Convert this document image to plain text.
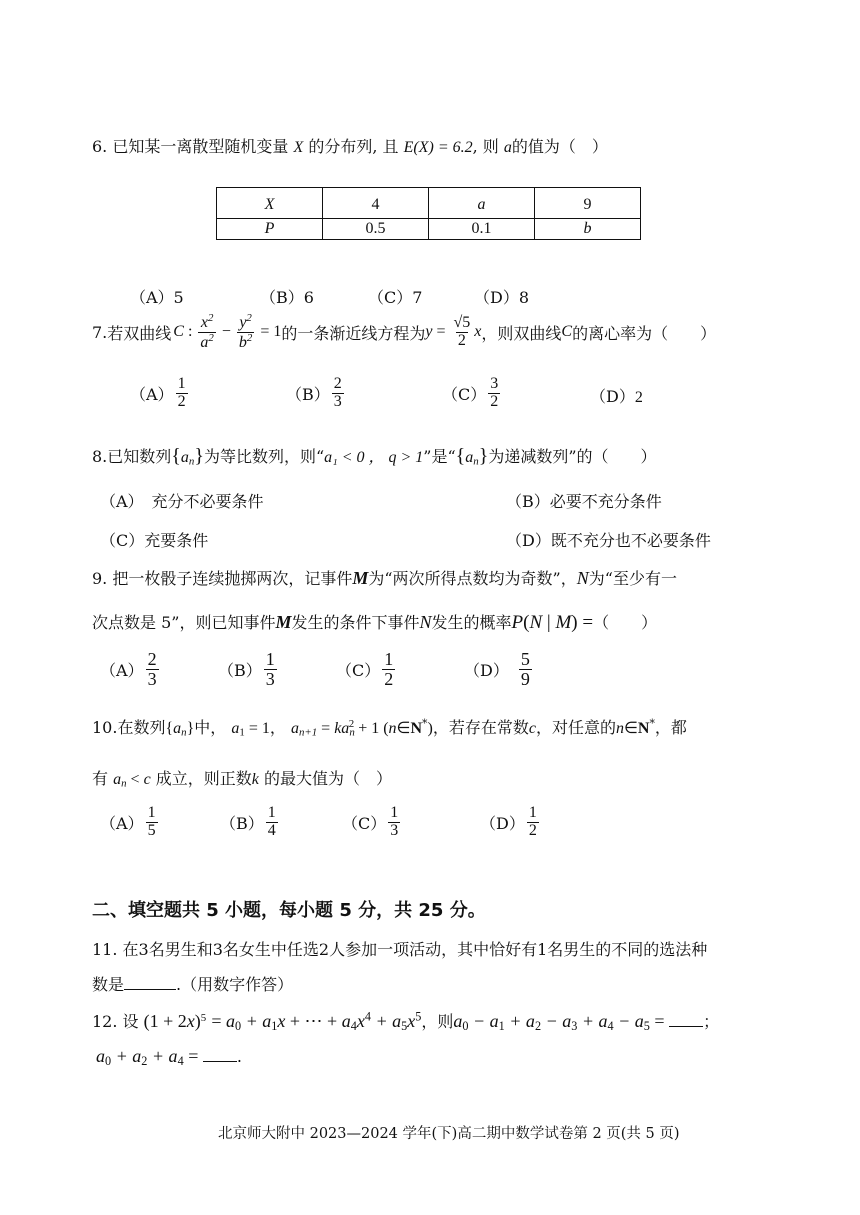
6. 已知某一离散型随机变量 X 的分布列, 且 E(X) = 6.2, 则 a的值为（　）
X	4	a	9
P	0.5	0.1	b
（A）5	（B）6	（C）7	（D）8
7. 若双曲线 C : $\frac{x^2}{a^2} - \frac{y^2}{b^2} = 1$ 的一条渐近线方程为 $y = \frac{√5}{2}$ x ，则双曲线 C 的离心率为（　　）
$(A) \frac{1}{2}$	$(B) \frac{2}{3}$	$(C) \frac{3}{2}$	（D）2
8.已知数列$\{a_n\}$为等比数列，则“a₁ < 0 ， q > 1”是“$\{a_n\}$为递减数列”的（　　）
（A）　充分不必要条件	（B）必要不充分条件
（C）充要条件	（D）既不充分也不必要条件
9. 把一枚骰子连续抛掷两次，记事件M为“两次所得点数均为奇数”，N为“至少有一
次点数是 5”，则已知事件M发生的条件下事件N发生的概率P(N | M) =（　　）
$(A) \frac{2}{3}$	$(B) \frac{1}{3}$	$(C) \frac{1}{2}$	$(D) \frac{5}{9}$
10.在数列$\{a_n\}$中， $a_1 = 1$， $a_{n+1} = ka_n^2 + 1$ (n∈N*)，若存在常数c，对任意的n∈N*，都
有 $a_n < c$ 成立，则正数k 的最大值为（　）
$(A) \frac{1}{5}$	$(B) \frac{1}{4}$	$(C) \frac{1}{3}$	$(D) \frac{1}{2}$
二、填空题共 5 小题，每小题 5 分，共 25 分。
11. 在3名男生和3名女生中任选2人参加一项活动，其中恰好有1名男生的不同的选法种
数是	.（用数字作答）
12. 设 $(1 + 2x)^5 = a_0 + a_1x$ + ⋯ + $a_4x^4 + a_5x^5$，则$a_0 - a_1 + a_2 - a_3 + a_4 - a_5$ = ；
$a_0 + a_2 + a_4$ = .
北京师大附中 2023—2024 学年(下)高二期中数学试卷第 2 页(共 5 页)
